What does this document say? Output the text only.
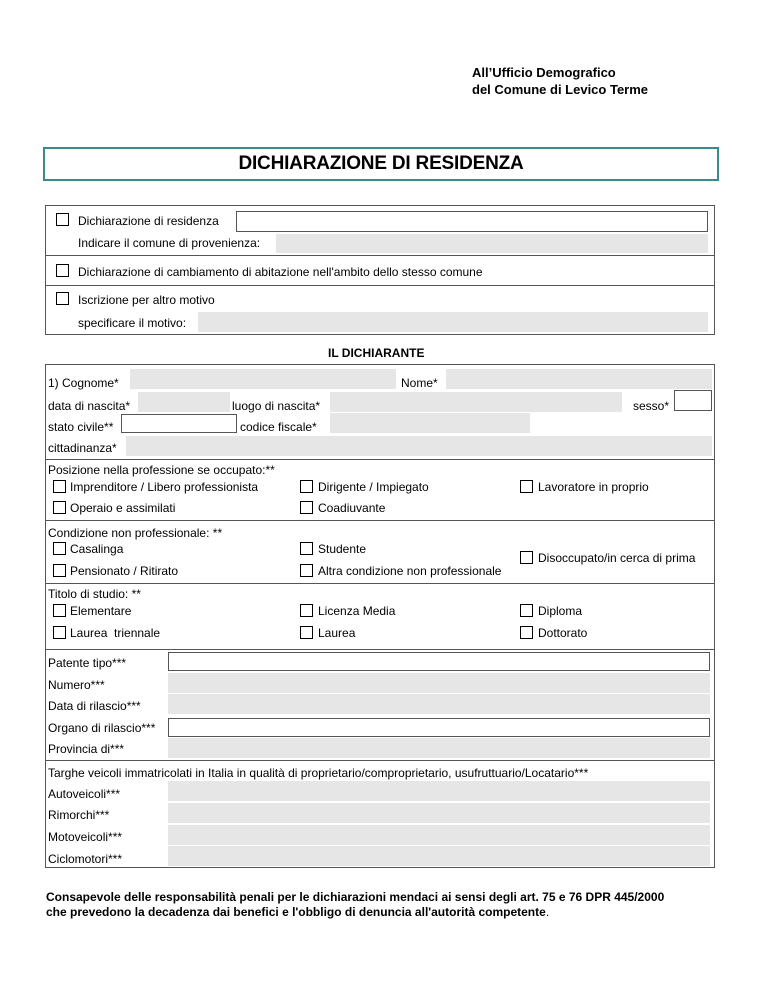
All’Ufficio Demografico
del Comune di Levico Terme
DICHIARAZIONE DI RESIDENZA
Dichiarazione di residenza
Indicare il comune di provenienza:
Dichiarazione di cambiamento di abitazione nell'ambito dello stesso comune
Iscrizione per altro motivo
specificare il motivo:
IL DICHIARANTE
1) Cognome*	Nome*
data di nascita*	luogo di nascita*	sesso*
stato civile**	codice fiscale*
cittadinanza*
Posizione nella professione se occupato:**
Imprenditore / Libero professionista	Dirigente / Impiegato	Lavoratore in proprio
Operaio e assimilati	Coadiuvante
Condizione non professionale: **
Casalinga	Studente
Disoccupato/in cerca di prima
Pensionato / Ritirato	Altra condizione non professionale
Titolo di studio: **
Elementare	Licenza Media	Diploma
Laurea  triennale	Laurea	Dottorato
Patente tipo***
Numero***
Data di rilascio***
Organo di rilascio***
Provincia di***
Targhe veicoli immatricolati in Italia in qualità di proprietario/comproprietario, usufruttuario/Locatario***
Autoveicoli***
Rimorchi***
Motoveicoli***
Ciclomotori***
Consapevole delle responsabilità penali per le dichiarazioni mendaci ai sensi degli art. 75 e 76 DPR 445/2000
che prevedono la decadenza dai benefici e l'obbligo di denuncia all'autorità competente.
